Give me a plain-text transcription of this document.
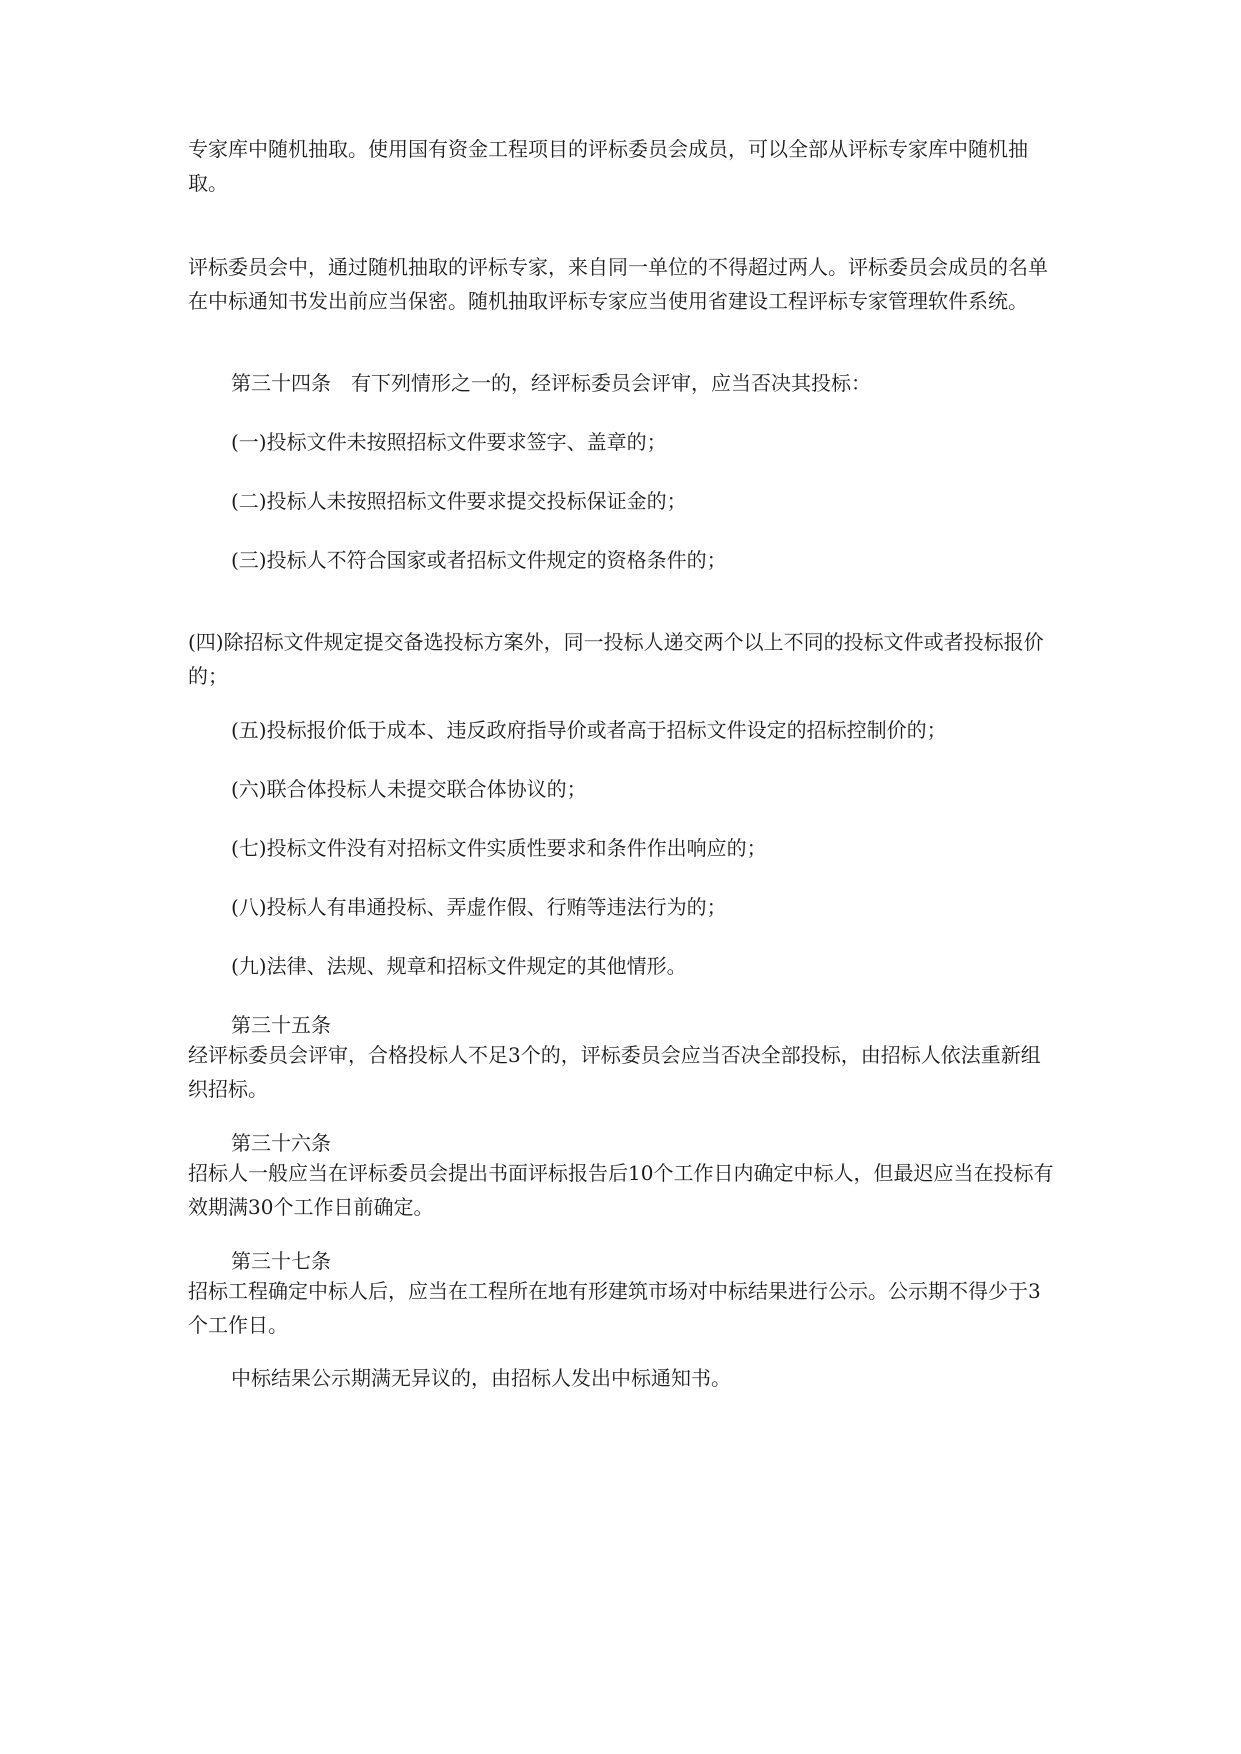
专家库中随机抽取。使用国有资金工程项目的评标委员会成员，可以全部从评标专家库中随机抽取。

评标委员会中，通过随机抽取的评标专家，来自同一单位的不得超过两人。评标委员会成员的名单在中标通知书发出前应当保密。随机抽取评标专家应当使用省建设工程评标专家管理软件系统。

第三十四条　有下列情形之一的，经评标委员会评审，应当否决其投标：

(一)投标文件未按照招标文件要求签字、盖章的；

(二)投标人未按照招标文件要求提交投标保证金的；

(三)投标人不符合国家或者招标文件规定的资格条件的；

(四)除招标文件规定提交备选投标方案外，同一投标人递交两个以上不同的投标文件或者投标报价的；

(五)投标报价低于成本、违反政府指导价或者高于招标文件设定的招标控制价的；

(六)联合体投标人未提交联合体协议的；

(七)投标文件没有对招标文件实质性要求和条件作出响应的；

(八)投标人有串通投标、弄虚作假、行贿等违法行为的；

(九)法律、法规、规章和招标文件规定的其他情形。

第三十五条

经评标委员会评审，合格投标人不足3个的，评标委员会应当否决全部投标，由招标人依法重新组织招标。

第三十六条

招标人一般应当在评标委员会提出书面评标报告后10个工作日内确定中标人，但最迟应当在投标有效期满30个工作日前确定。

第三十七条

招标工程确定中标人后，应当在工程所在地有形建筑市场对中标结果进行公示。公示期不得少于3个工作日。

中标结果公示期满无异议的，由招标人发出中标通知书。
